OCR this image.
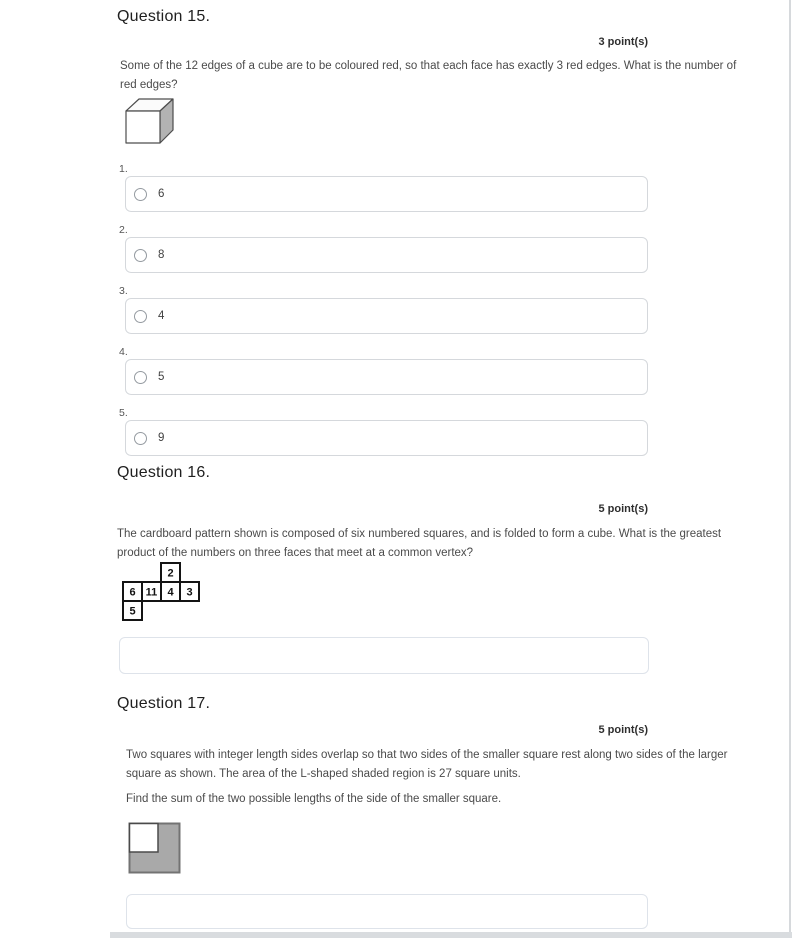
Question 15.
3 point(s)
Some of the 12 edges of a cube are to be coloured red, so that each face has exactly 3 red edges. What is the number of
red edges?
1.
6
2.
8
3.
4
4.
5
5.
9
Question 16.
5 point(s)
The cardboard pattern shown is composed of six numbered squares, and is folded to form a cube. What is the greatest
product of the numbers on three faces that meet at a common vertex?
2
6 11 4 3
5
Question 17.
5 point(s)
Two squares with integer length sides overlap so that two sides of the smaller square rest along two sides of the larger
square as shown. The area of the L-shaped shaded region is 27 square units.
Find the sum of the two possible lengths of the side of the smaller square.
